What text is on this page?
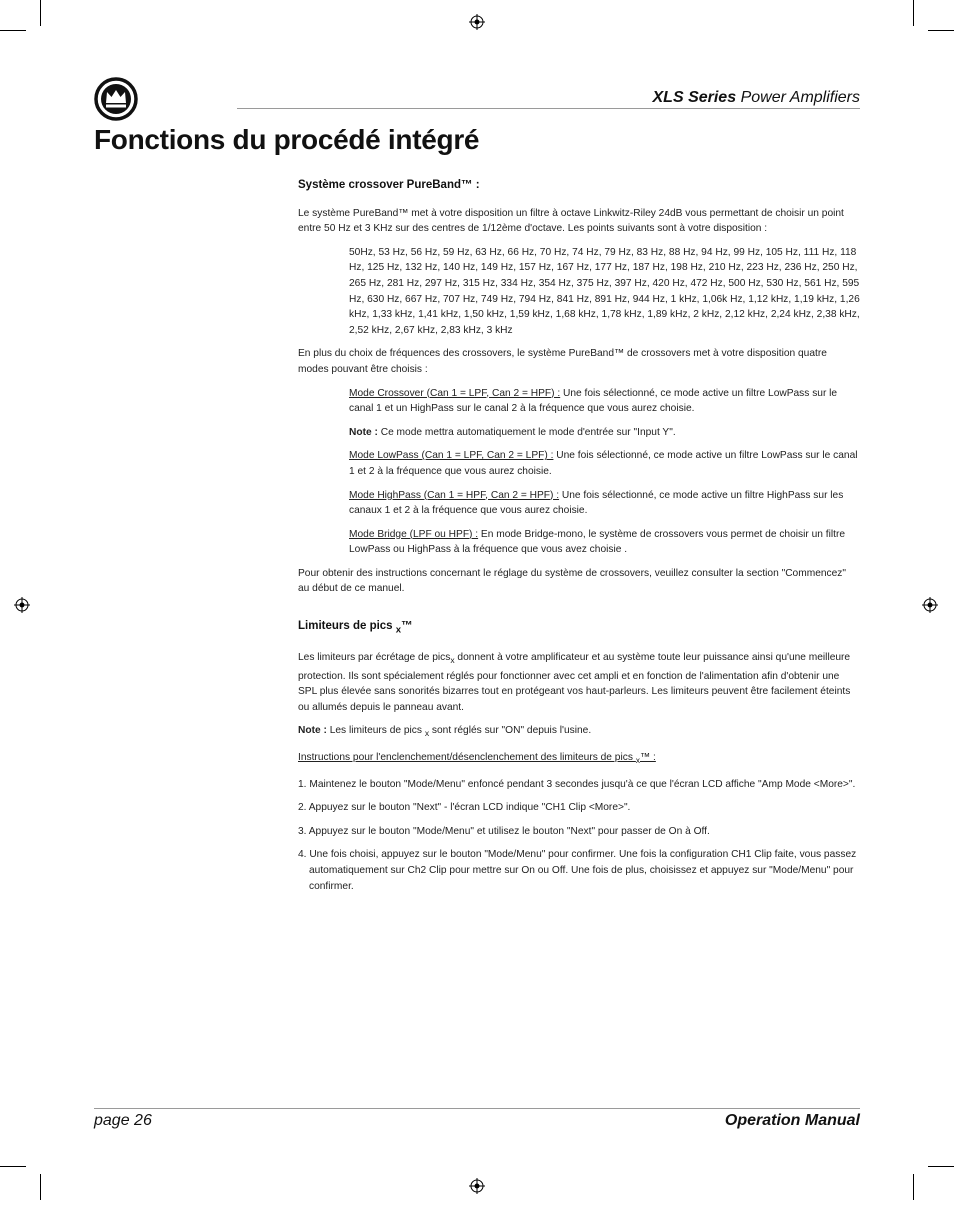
XLS Series Power Amplifiers
Fonctions du procédé intégré
Système crossover PureBand™ :

Le système PureBand™ met à votre disposition un filtre à octave Linkwitz-Riley 24dB vous permettant de choisir un point entre 50 Hz et 3 KHz sur des centres de 1/12ème d'octave. Les points suivants sont à votre disposition :

50Hz, 53 Hz, 56 Hz, 59 Hz, 63 Hz, 66 Hz, 70 Hz, 74 Hz, 79 Hz, 83 Hz, 88 Hz, 94 Hz, 99 Hz, 105 Hz, 111 Hz, 118 Hz, 125 Hz, 132 Hz, 140 Hz, 149 Hz, 157 Hz, 167 Hz, 177 Hz, 187 Hz, 198 Hz, 210 Hz, 223 Hz, 236 Hz, 250 Hz, 265 Hz, 281 Hz, 297 Hz, 315 Hz, 334 Hz, 354 Hz, 375 Hz, 397 Hz, 420 Hz, 472 Hz, 500 Hz, 530 Hz, 561 Hz, 595 Hz, 630 Hz, 667 Hz, 707 Hz, 749 Hz, 794 Hz, 841 Hz, 891 Hz, 944 Hz, 1 kHz, 1,06k Hz, 1,12 kHz, 1,19 kHz, 1,26 kHz, 1,33 kHz, 1,41 kHz, 1,50 kHz, 1,59 kHz, 1,68 kHz, 1,78 kHz, 1,89 kHz, 2 kHz, 2,12 kHz, 2,24 kHz, 2,38 kHz, 2,52 kHz, 2,67 kHz, 2,83 kHz, 3 kHz

En plus du choix de fréquences des crossovers, le système PureBand™ de crossovers met à votre disposition quatre modes pouvant être choisis :

Mode Crossover (Can 1 = LPF, Can 2 = HPF) : Une fois sélectionné, ce mode active un filtre LowPass sur le canal 1 et un HighPass sur le canal 2 à la fréquence que vous aurez choisie.

Note : Ce mode mettra automatiquement le mode d'entrée sur "Input Y".

Mode LowPass (Can 1 = LPF, Can 2 = LPF) : Une fois sélectionné, ce mode active un filtre LowPass sur le canal 1 et 2 à la fréquence que vous aurez choisie.

Mode HighPass (Can 1 = HPF, Can 2 = HPF) : Une fois sélectionné, ce mode active un filtre HighPass sur les canaux 1 et 2 à la fréquence que vous aurez choisie.

Mode Bridge (LPF ou HPF) : En mode Bridge-mono, le système de crossovers vous permet de choisir un filtre LowPass ou HighPass à la fréquence que vous avez choisie .

Pour obtenir des instructions concernant le réglage du système de crossovers, veuillez consulter la section "Commencez" au début de ce manuel.

Limiteurs de pics $_x$™

Les limiteurs par écrétage de pics$_x$ donnent à votre amplificateur et au système toute leur puissance ainsi qu'une meilleure protection. Ils sont spécialement réglés pour fonctionner avec cet ampli et en fonction de l'alimentation afin d'obtenir une SPL plus élevée sans sonorités bizarres tout en protégeant vos haut-parleurs. Les limiteurs peuvent être facilement éteints ou allumés depuis le panneau avant.

Note : Les limiteurs de pics $_x$ sont réglés sur "ON" depuis l'usine.

Instructions pour l'enclenchement/désenclenchement des limiteurs de pics $_x$™ :

1. Maintenez le bouton "Mode/Menu" enfoncé pendant 3 secondes jusqu'à ce que l'écran LCD affiche "Amp Mode <More>".

2. Appuyez sur le bouton "Next" - l'écran LCD indique "CH1 Clip <More>".

3. Appuyez sur le bouton "Mode/Menu" et utilisez le bouton "Next" pour passer de On à Off.

4. Une fois choisi, appuyez sur le bouton "Mode/Menu" pour confirmer. Une fois la configuration CH1 Clip faite, vous passez automatiquement sur Ch2 Clip pour mettre sur On ou Off. Une fois de plus, choisissez et appuyez sur "Mode/Menu" pour confirmer.

page 26	Operation Manual
